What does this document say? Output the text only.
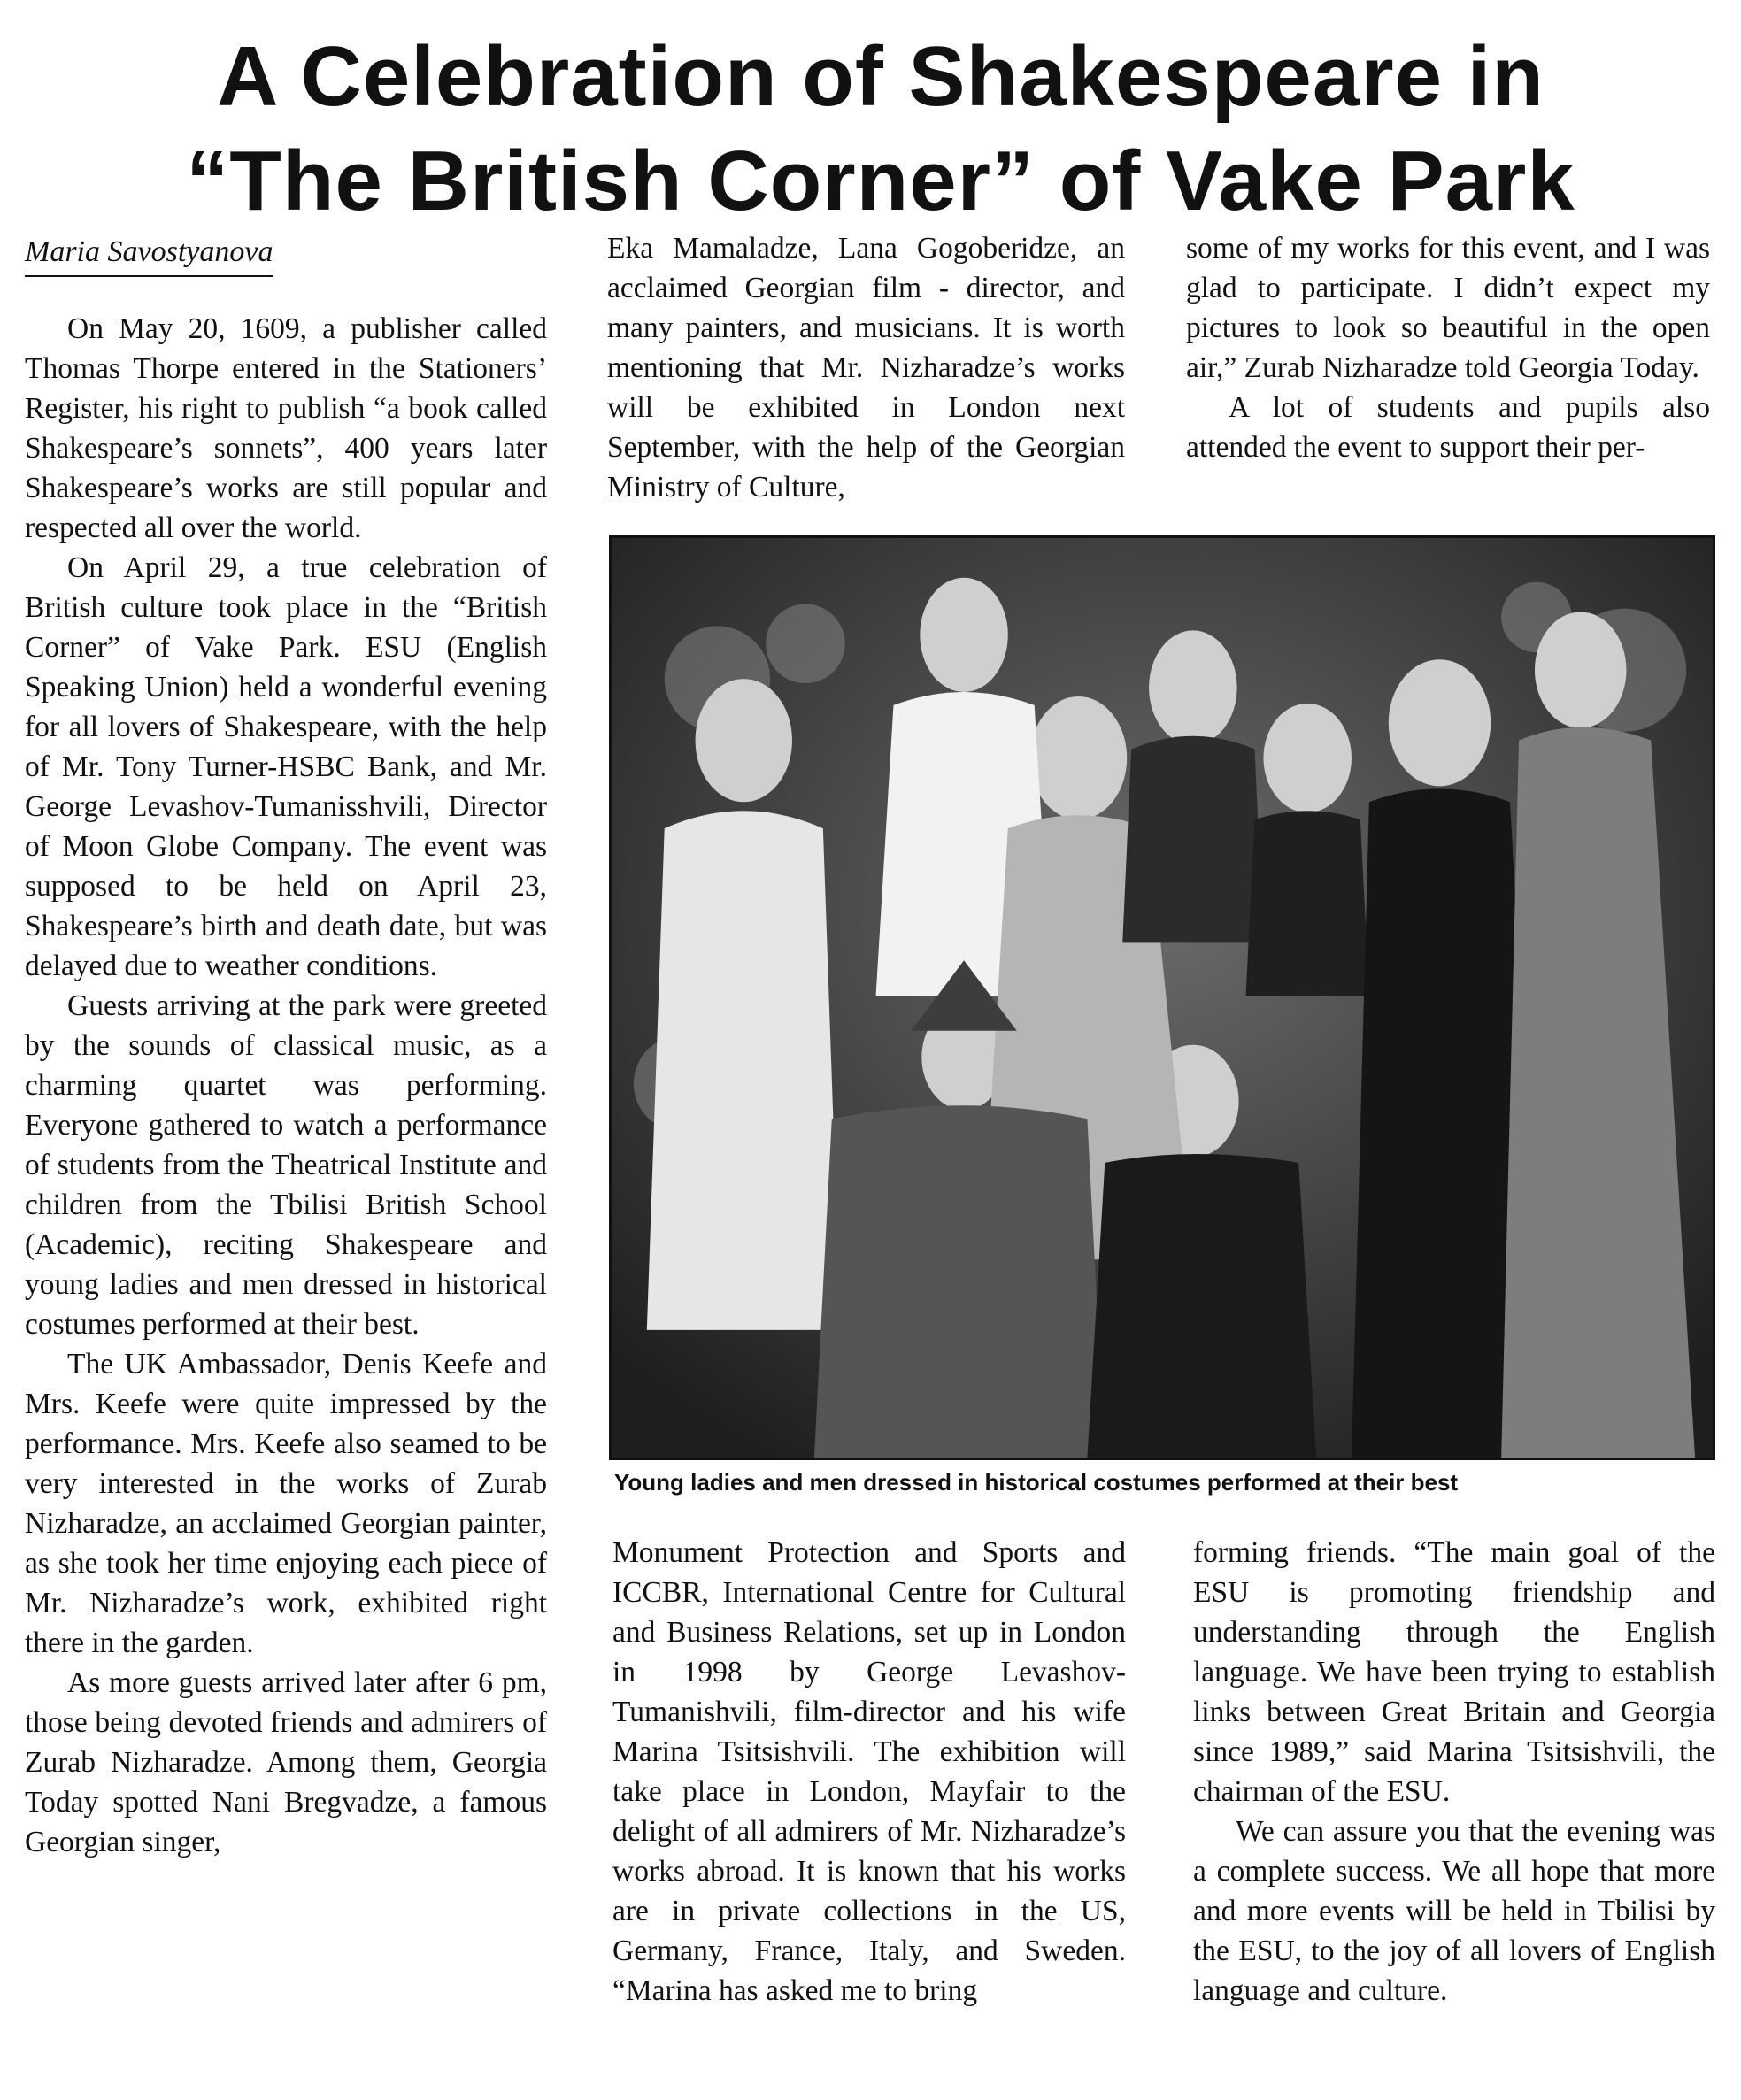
A Celebration of Shakespeare in
“The British Corner” of Vake Park
Maria Savostyanova

On May 20, 1609, a publisher called Thomas Thorpe entered in the Stationers’ Register, his right to publish “a book called Shakespeare’s sonnets”, 400 years later Shakespeare’s works are still popular and respected all over the world.

On April 29, a true celebration of British culture took place in the “British Corner” of Vake Park. ESU (English Speaking Union) held a wonderful evening for all lovers of Shakespeare, with the help of Mr. Tony Turner-HSBC Bank, and Mr. George Levashov-Tumanisshvili, Director of Moon Globe Company. The event was supposed to be held on April 23, Shakespeare’s birth and death date, but was delayed due to weather conditions.

Guests arriving at the park were greeted by the sounds of classical music, as a charming quartet was performing. Everyone gathered to watch a performance of students from the Theatrical Institute and children from the Tbilisi British School (Academic), reciting Shakespeare and young ladies and men dressed in historical costumes performed at their best.

The UK Ambassador, Denis Keefe and Mrs. Keefe were quite impressed by the performance. Mrs. Keefe also seamed to be very interested in the works of Zurab Nizharadze, an acclaimed Georgian painter, as she took her time enjoying each piece of Mr. Nizharadze’s work, exhibited right there in the garden.

As more guests arrived later after 6 pm, those being devoted friends and admirers of Zurab Nizharadze. Among them, Georgia Today spotted Nani Bregvadze, a famous Georgian singer,

Eka Mamaladze, Lana Gogoberidze, an acclaimed Georgian film - director, and many painters, and musicians. It is worth mentioning that Mr. Nizharadze’s works will be exhibited in London next September, with the help of the Georgian Ministry of Culture,

some of my works for this event, and I was glad to participate. I didn’t expect my pictures to look so beautiful in the open air,” Zurab Nizharadze told Georgia Today.

A lot of students and pupils also attended the event to support their per-

Young ladies and men dressed in historical costumes performed at their best

Monument Protection and Sports and ICCBR, International Centre for Cultural and Business Relations, set up in London in 1998 by George Levashov-Tumanishvili, film-director and his wife Marina Tsitsishvili. The exhibition will take place in London, Mayfair to the delight of all admirers of Mr. Nizharadze’s works abroad. It is known that his works are in private collections in the US, Germany, France, Italy, and Sweden. “Marina has asked me to bring

forming friends. “The main goal of the ESU is promoting friendship and understanding through the English language. We have been trying to establish links between Great Britain and Georgia since 1989,” said Marina Tsitsishvili, the chairman of the ESU.

We can assure you that the evening was a complete success. We all hope that more and more events will be held in Tbilisi by the ESU, to the joy of all lovers of English language and culture.
